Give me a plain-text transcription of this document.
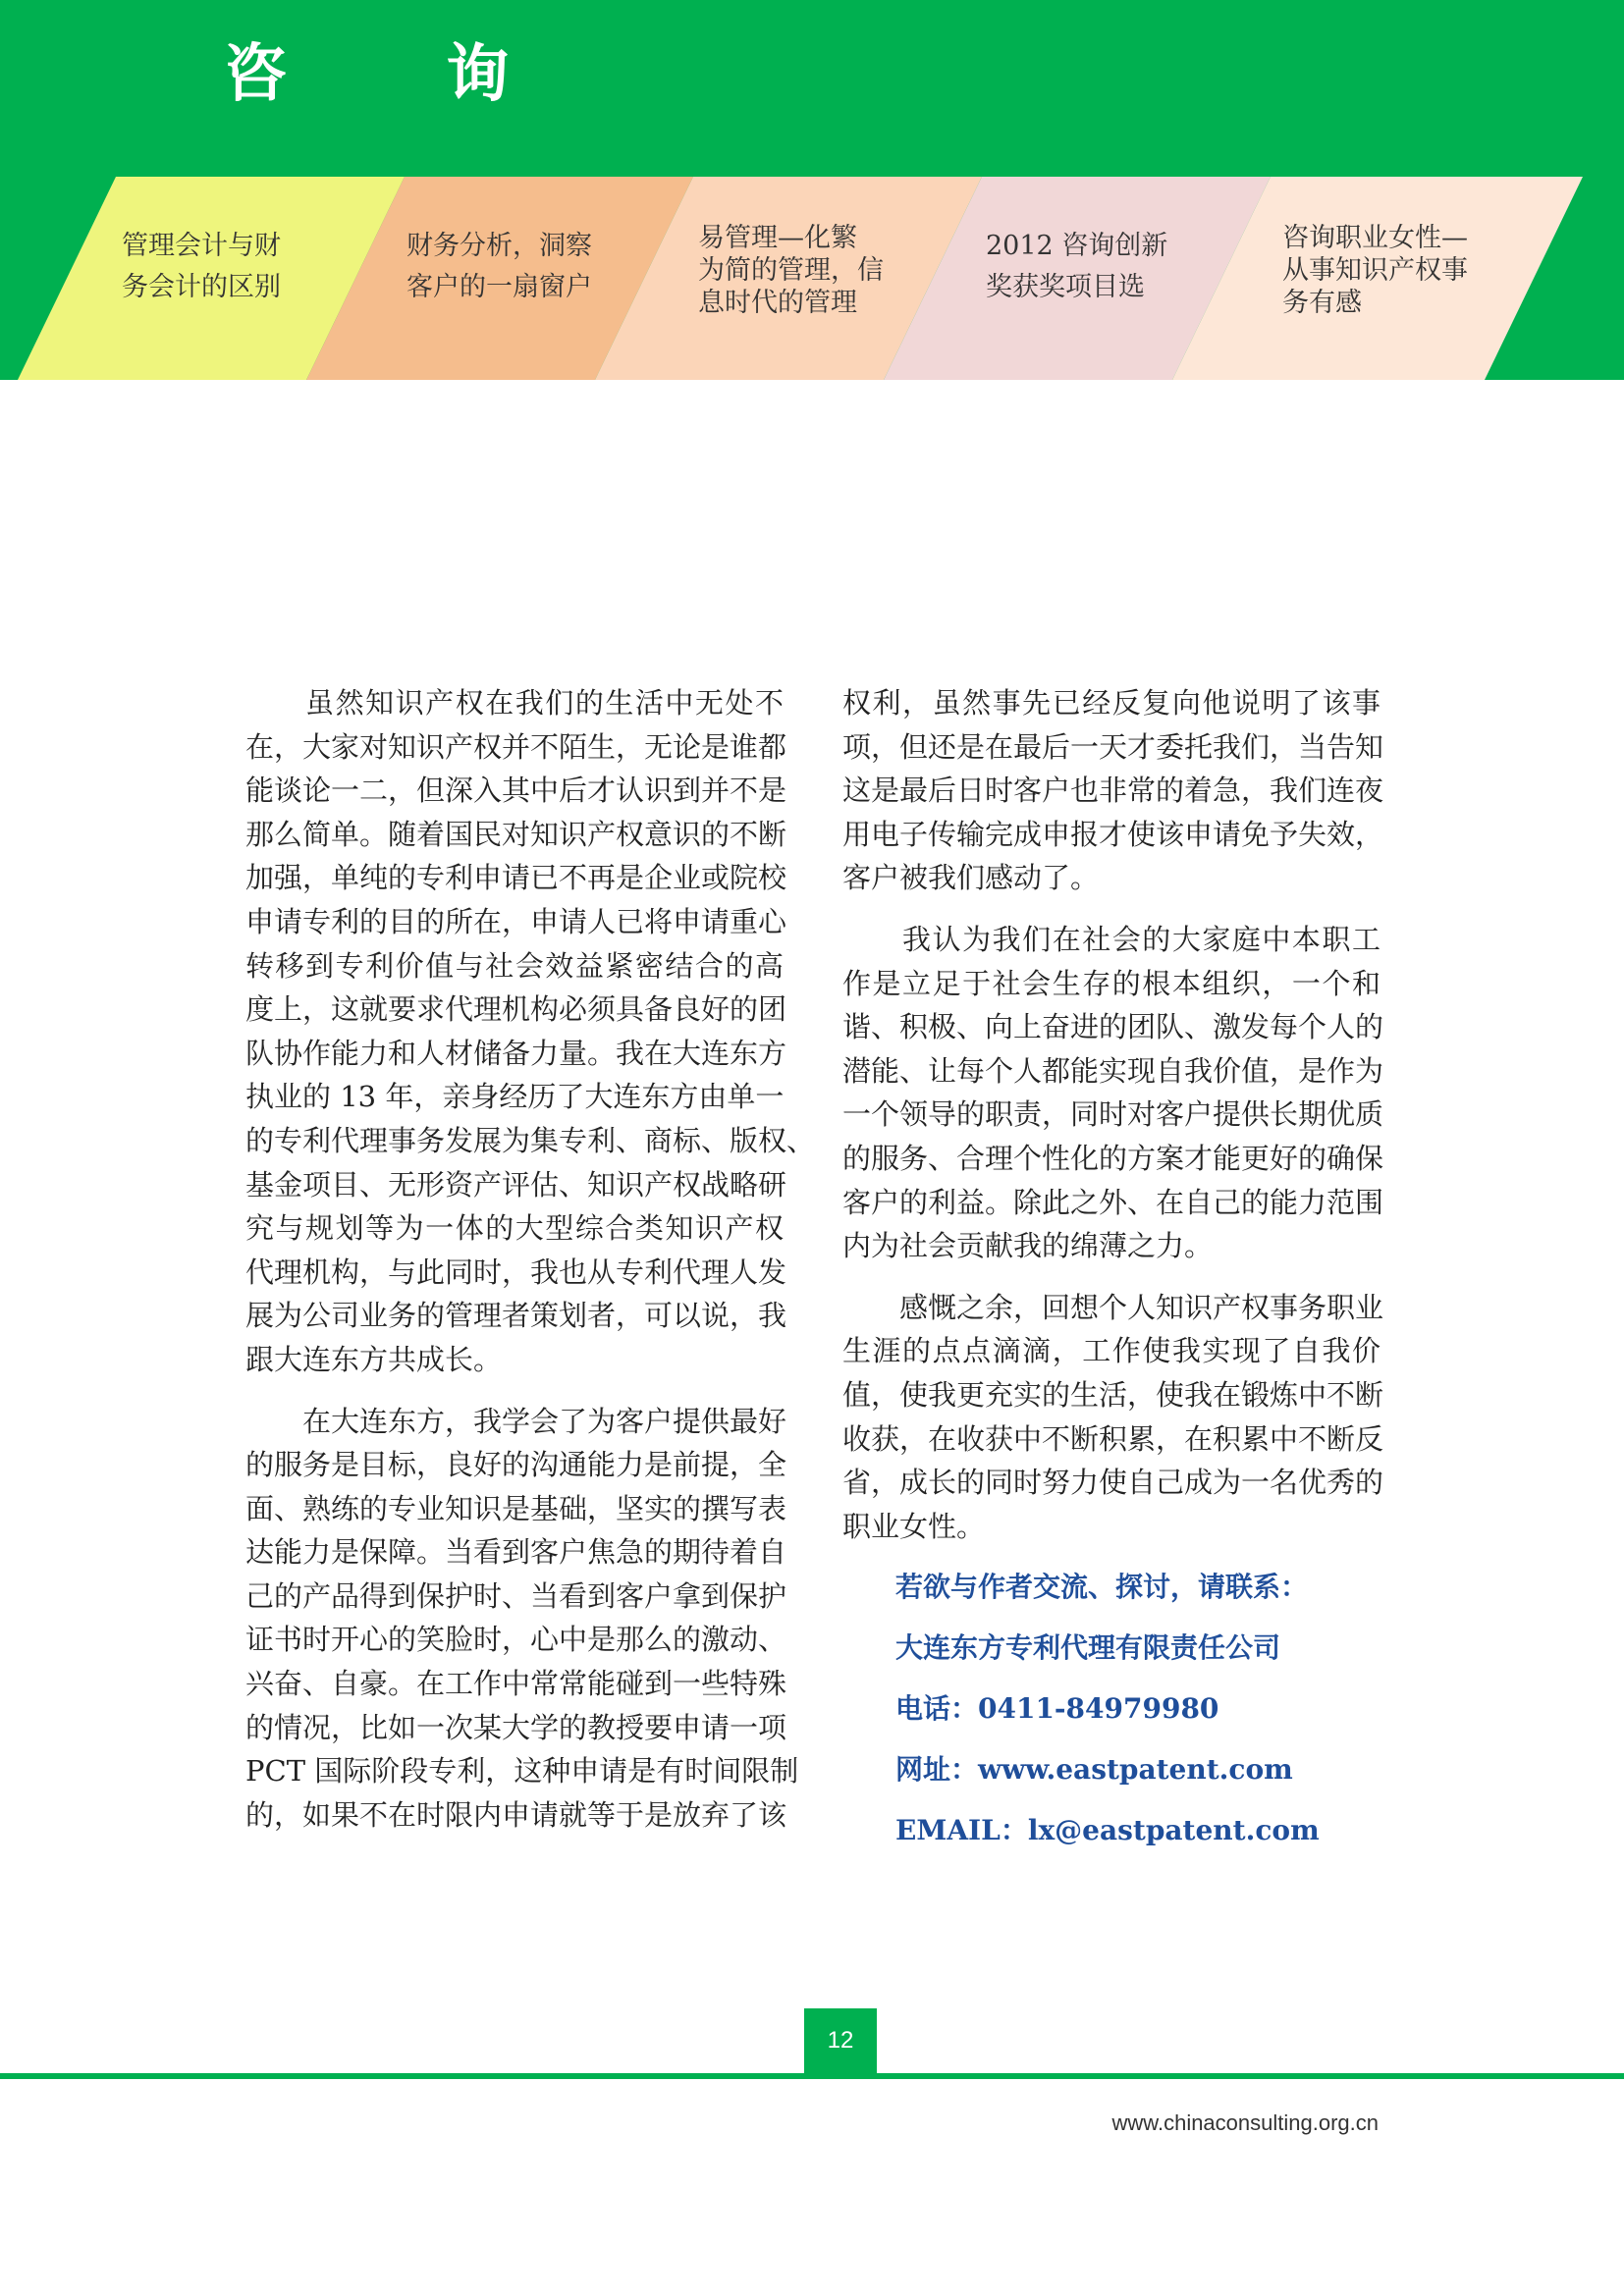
咨 询
管理会计与财
务会计的区别
财务分析，洞察
客户的一扇窗户
易管理—化繁
为简的管理，信
息时代的管理
2012 咨询创新
奖获奖项目选
咨询职业女性—
从事知识产权事
务有感
　　虽然知识产权在我们的生活中无处不
在，大家对知识产权并不陌生，无论是谁都
能谈论一二，但深入其中后才认识到并不是
那么简单。随着国民对知识产权意识的不断
加强，单纯的专利申请已不再是企业或院校
申请专利的目的所在，申请人已将申请重心
转移到专利价值与社会效益紧密结合的高
度上，这就要求代理机构必须具备良好的团
队协作能力和人材储备力量。我在大连东方
执业的 13 年，亲身经历了大连东方由单一
的专利代理事务发展为集专利、商标、版权、
基金项目、无形资产评估、知识产权战略研
究与规划等为一体的大型综合类知识产权
代理机构，与此同时，我也从专利代理人发
展为公司业务的管理者策划者，可以说，我
跟大连东方共成长。
　　在大连东方，我学会了为客户提供最好
的服务是目标，良好的沟通能力是前提，全
面、熟练的专业知识是基础，坚实的撰写表
达能力是保障。当看到客户焦急的期待着自
己的产品得到保护时、当看到客户拿到保护
证书时开心的笑脸时，心中是那么的激动、
兴奋、自豪。在工作中常常能碰到一些特殊
的情况，比如一次某大学的教授要申请一项
PCT 国际阶段专利，这种申请是有时间限制
的，如果不在时限内申请就等于是放弃了该
权利，虽然事先已经反复向他说明了该事
项，但还是在最后一天才委托我们，当告知
这是最后日时客户也非常的着急，我们连夜
用电子传输完成申报才使该申请免予失效，
客户被我们感动了。
　　我认为我们在社会的大家庭中本职工
作是立足于社会生存的根本组织，一个和
谐、积极、向上奋进的团队、激发每个人的
潜能、让每个人都能实现自我价值，是作为
一个领导的职责，同时对客户提供长期优质
的服务、合理个性化的方案才能更好的确保
客户的利益。除此之外、在自己的能力范围
内为社会贡献我的绵薄之力。
　　感慨之余，回想个人知识产权事务职业
生涯的点点滴滴，工作使我实现了自我价
值，使我更充实的生活，使我在锻炼中不断
收获，在收获中不断积累，在积累中不断反
省，成长的同时努力使自己成为一名优秀的
职业女性。
若欲与作者交流、探讨，请联系：
大连东方专利代理有限责任公司
电话：0411-84979980
网址：www.eastpatent.com
EMAIL：lx@eastpatent.com
12
www.chinaconsulting.org.cn
